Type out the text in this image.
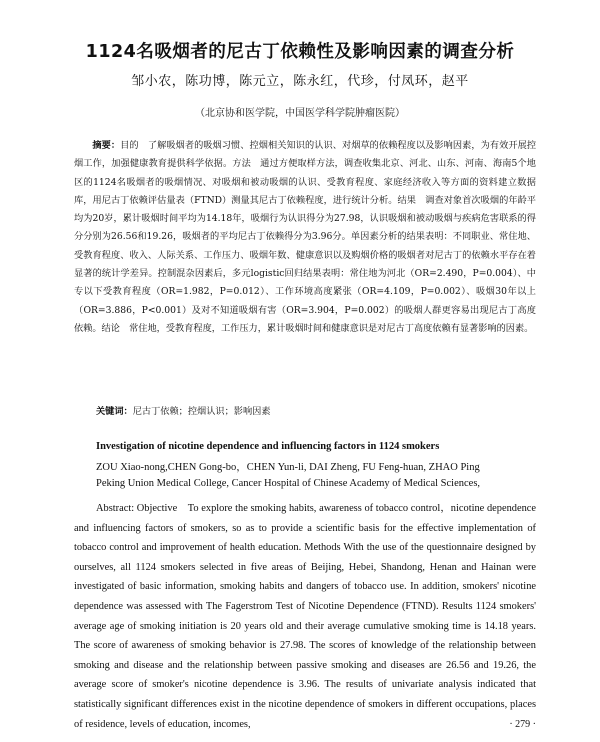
1124名吸烟者的尼古丁依赖性及影响因素的调查分析
邹小农，陈功博，陈元立，陈永红，代珍，付凤环，赵平
（北京协和医学院，中国医学科学院肿瘤医院）
摘要：目的　了解吸烟者的吸烟习惯、控烟相关知识的认识、对烟草的依赖程度以及影响因素，为有效开展控烟工作，加强健康教育提供科学依据。方法　通过方便取样方法，调查收集北京、河北、山东、河南、海南5个地区的1124名吸烟者的吸烟情况、对吸烟和被动吸烟的认识、受教育程度、家庭经济收入等方面的资料建立数据库，用尼古丁依赖评估量表（FTND）测量其尼古丁依赖程度，进行统计分析。结果　调查对象首次吸烟的年龄平均为20岁，累计吸烟时间平均为14.18年，吸烟行为认识得分为27.98，认识吸烟和被动吸烟与疾病危害联系的得分分别为26.56和19.26，吸烟者的平均尼古丁依赖得分为3.96分。单因素分析的结果表明：不同职业、常住地、受教育程度、收入、人际关系、工作压力、吸烟年数、健康意识以及购烟价格的吸烟者对尼古丁的依赖水平存在着显著的统计学差异。控制混杂因素后，多元logistic回归结果表明：常住地为河北（OR=2.490，P=0.004）、中专以下受教育程度（OR=1.982，P=0.012）、工作环境高度紧张（OR=4.109，P=0.002）、吸烟30年以上（OR=3.886，P<0.001）及对不知道吸烟有害（OR=3.904，P=0.002）的吸烟人群更容易出现尼古丁高度依赖。结论　常住地，受教育程度，工作压力，累计吸烟时间和健康意识是对尼古丁高度依赖有显著影响的因素。
关键词：尼古丁依赖；控烟认识；影响因素
Investigation of nicotine dependence and influencing factors in 1124 smokers
ZOU Xiao-nong,CHEN Gong-bo，CHEN Yun-li, DAI Zheng, FU Feng-huan, ZHAO Ping
Peking Union Medical College, Cancer Hospital of Chinese Academy of Medical Sciences,
Abstract: Objective　To explore the smoking habits, awareness of tobacco control，nicotine dependence and influencing factors of smokers, so as to provide a scientific basis for the effective implementation of tobacco control and improvement of health education. Methods With the use of the questionnaire designed by ourselves, all 1124 smokers selected in five areas of Beijing, Hebei, Shandong, Henan and Hainan were investigated of basic information, smoking habits and dangers of tobacco use. In addition, smokers' nicotine dependence was assessed with The Fagerstrom Test of Nicotine Dependence (FTND). Results 1124 smokers' average age of smoking initiation is 20 years old and their average cumulative smoking time is 14.18 years. The score of awareness of smoking behavior is 27.98. The scores of knowledge of the relationship between smoking and disease and the relationship between passive smoking and diseases are 26.56 and 19.26, the average score of smoker's nicotine dependence is 3.96. The results of univariate analysis indicated that statistically significant differences exist in the nicotine dependence of smokers in different occupations, places of residence, levels of education, incomes,	· 279 ·
